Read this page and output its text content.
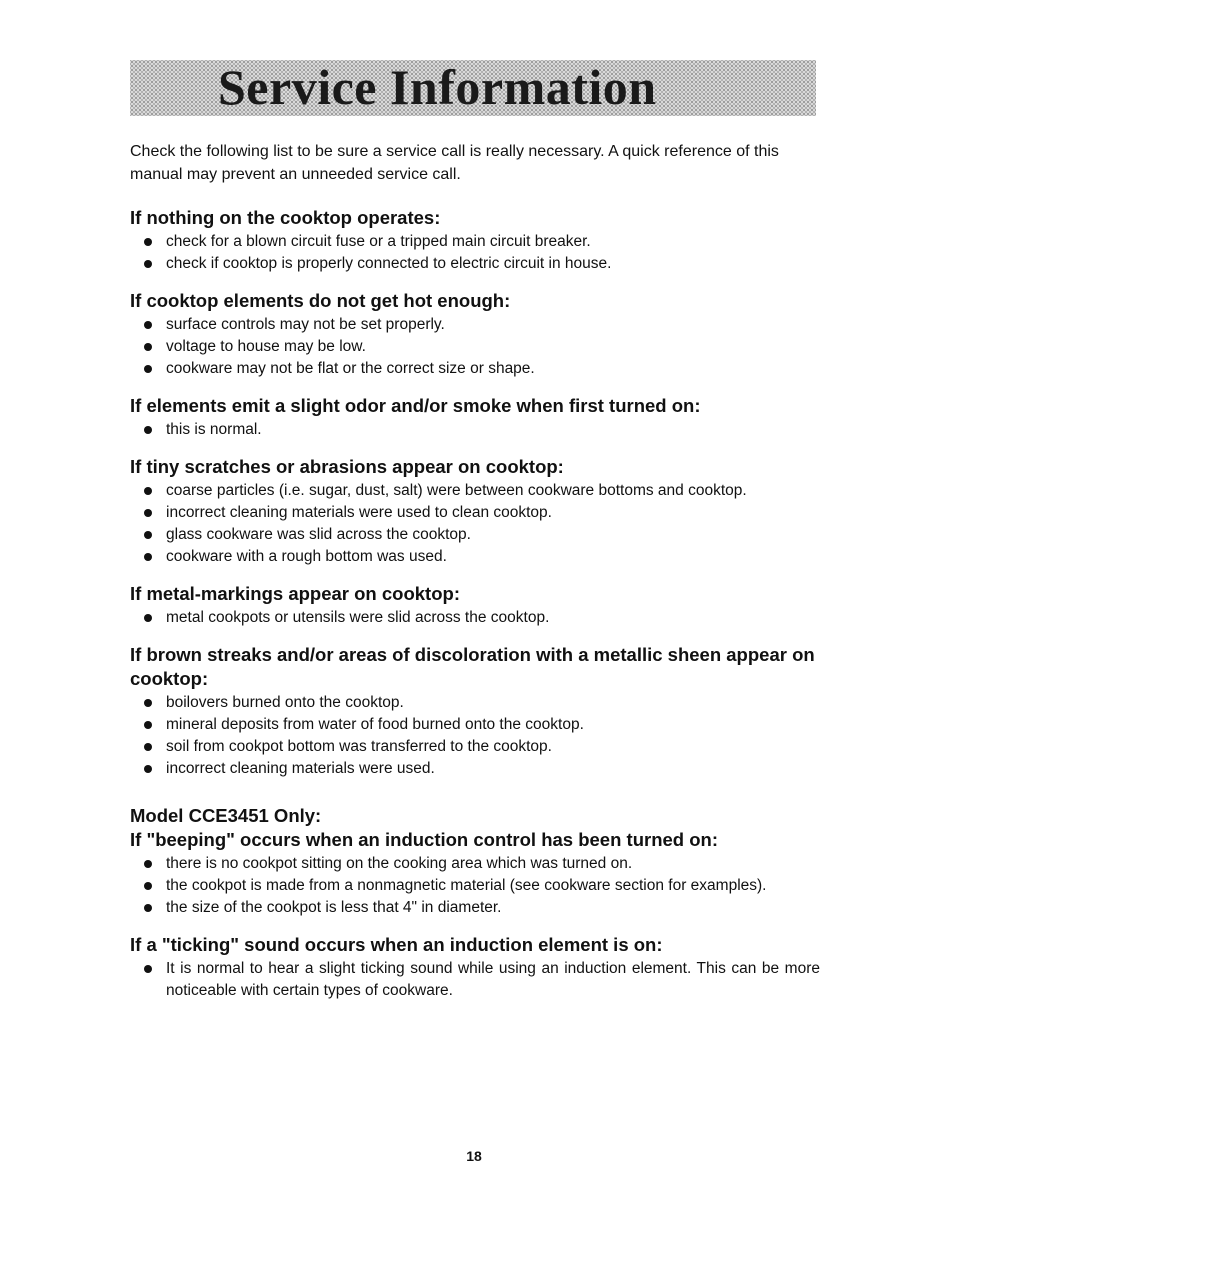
Service Information

Check the following list to be sure a service call is really necessary. A quick reference of this manual may prevent an unneeded service call.

If nothing on the cooktop operates:
check for a blown circuit fuse or a tripped main circuit breaker.
check if cooktop is properly connected to electric circuit in house.
If cooktop elements do not get hot enough:
surface controls may not be set properly.
voltage to house may be low.
cookware may not be flat or the correct size or shape.
If elements emit a slight odor and/or smoke when first turned on:
this is normal.
If tiny scratches or abrasions appear on cooktop:
coarse particles (i.e. sugar, dust, salt) were between cookware bottoms and cooktop.
incorrect cleaning materials were used to clean cooktop.
glass cookware was slid across the cooktop.
cookware with a rough bottom was used.
If metal-markings appear on cooktop:
metal cookpots or utensils were slid across the cooktop.
If brown streaks and/or areas of discoloration with a metallic sheen appear on cooktop:
boilovers burned onto the cooktop.
mineral deposits from water of food burned onto the cooktop.
soil from cookpot bottom was transferred to the cooktop.
incorrect cleaning materials were used.
Model CCE3451 Only:
If "beeping" occurs when an induction control has been turned on:
there is no cookpot sitting on the cooking area which was turned on.
the cookpot is made from a nonmagnetic material (see cookware section for examples).
the size of the cookpot is less that 4" in diameter.
If a "ticking" sound occurs when an induction element is on:
It is normal to hear a slight ticking sound while using an induction element. This can be more noticeable with certain types of cookware.
18
